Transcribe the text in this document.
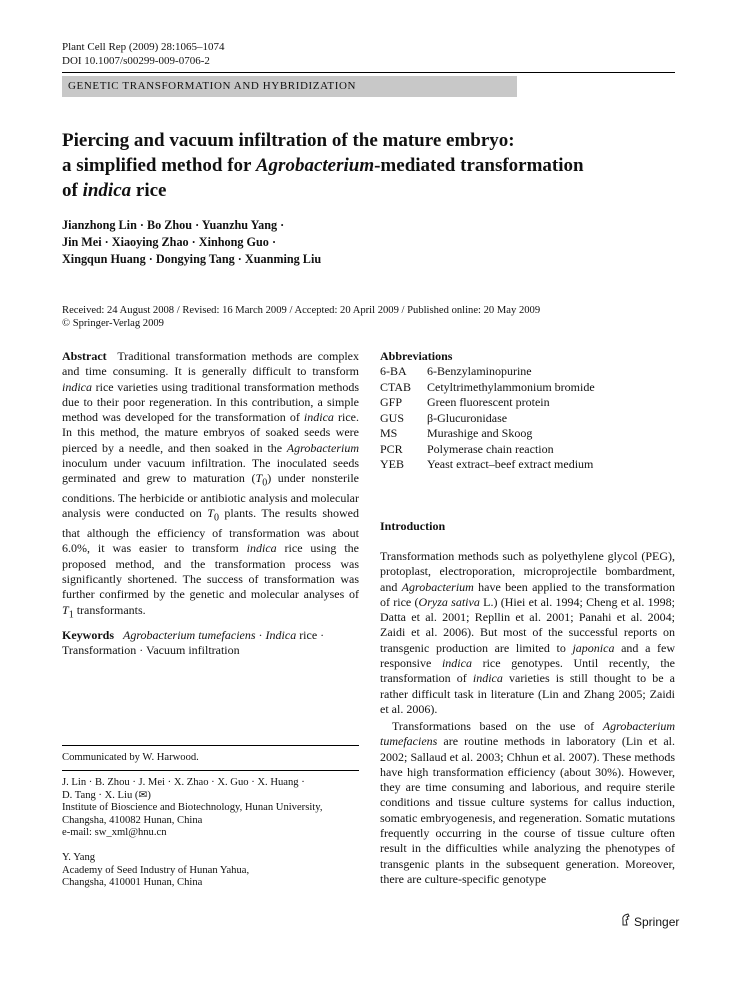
Plant Cell Rep (2009) 28:1065–1074
DOI 10.1007/s00299-009-0706-2
GENETIC TRANSFORMATION AND HYBRIDIZATION
Piercing and vacuum infiltration of the mature embryo:
a simplified method for Agrobacterium-mediated transformation
of indica rice
Jianzhong Lin · Bo Zhou · Yuanzhu Yang ·
Jin Mei · Xiaoying Zhao · Xinhong Guo ·
Xingqun Huang · Dongying Tang · Xuanming Liu
Received: 24 August 2008 / Revised: 16 March 2009 / Accepted: 20 April 2009 / Published online: 20 May 2009
© Springer-Verlag 2009
Abstract Traditional transformation methods are complex and time consuming. It is generally difficult to transform indica rice varieties using traditional transformation methods due to their poor regeneration. In this contribution, a simple method was developed for the transformation of indica rice. In this method, the mature embryos of soaked seeds were pierced by a needle, and then soaked in the Agrobacterium inoculum under vacuum infiltration. The inoculated seeds germinated and grew to maturation $(T_0)$ under nonsterile conditions. The herbicide or antibiotic analysis and molecular analysis were conducted on $T_0$ plants. The results showed that although the efficiency of transformation was about 6.0%, it was easier to transform indica rice using the proposed method, and the transformation process was significantly shortened. The success of transformation was further confirmed by the genetic and molecular analyses of $T_1$ transformants.
Keywords Agrobacterium tumefaciens · Indica rice ·
Transformation · Vacuum infiltration
Communicated by W. Harwood.
J. Lin · B. Zhou · J. Mei · X. Zhao · X. Guo · X. Huang ·
D. Tang · X. Liu (✉)
Institute of Bioscience and Biotechnology, Hunan University,
Changsha, 410082 Hunan, China
e-mail: sw_xml@hnu.cn
Y. Yang
Academy of Seed Industry of Hunan Yahua,
Changsha, 410001 Hunan, China
Abbreviations
6-BA	6-Benzylaminopurine
CTAB	Cetyltrimethylammonium bromide
GFP	Green fluorescent protein
GUS	β-Glucuronidase
MS	Murashige and Skoog
PCR	Polymerase chain reaction
YEB	Yeast extract–beef extract medium
Introduction
Transformation methods such as polyethylene glycol (PEG), protoplast, electroporation, microprojectile bombardment, and Agrobacterium have been applied to the transformation of rice (Oryza sativa L.) (Hiei et al. 1994; Cheng et al. 1998; Datta et al. 2001; Repllin et al. 2001; Panahi et al. 2004; Zaidi et al. 2006). But most of the successful reports on transgenic production are limited to japonica and a few responsive indica rice genotypes. Until recently, the transformation of indica varieties is still thought to be a rather difficult task in literature (Lin and Zhang 2005; Zaidi et al. 2006).
Transformations based on the use of Agrobacterium tumefaciens are routine methods in laboratory (Lin et al. 2002; Sallaud et al. 2003; Chhun et al. 2007). These methods have high transformation efficiency (about 30%). However, they are time consuming and laborious, and require sterile conditions and tissue culture systems for callus induction, somatic embryogenesis, and regeneration. Somatic mutations frequently occurring in the course of tissue culture often result in the difficulties while analyzing the phenotypes of transgenic plants in the subsequent generation. Moreover, there are culture-specific genotype
Springer
